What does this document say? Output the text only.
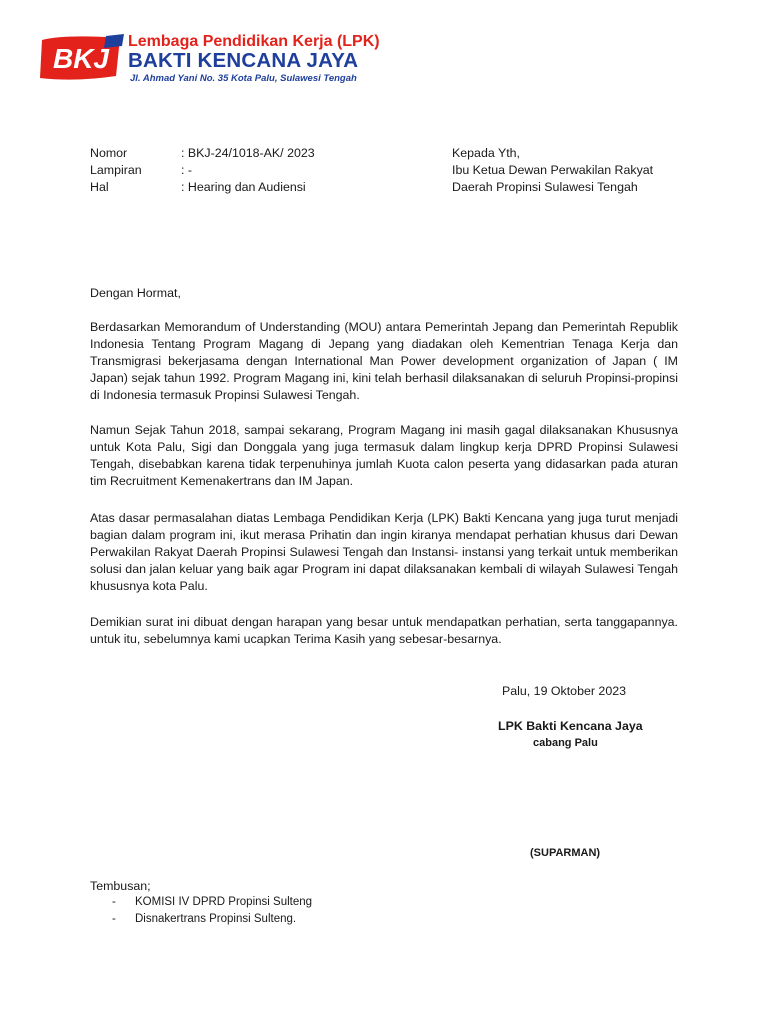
BKJ
Lembaga Pendidikan Kerja (LPK)
BAKTI KENCANA JAYA
Jl. Ahmad Yani No. 35 Kota Palu, Sulawesi Tengah
Nomor	: BKJ-24/1018-AK/ 2023
Lampiran	: -
Hal	: Hearing dan Audiensi
Kepada Yth,
Ibu Ketua Dewan Perwakilan Rakyat
Daerah Propinsi Sulawesi Tengah
Dengan Hormat,

Berdasarkan Memorandum of Understanding (MOU) antara Pemerintah Jepang dan Pemerintah Republik Indonesia Tentang Program Magang di Jepang yang diadakan oleh Kementrian Tenaga Kerja dan Transmigrasi bekerjasama dengan International Man Power development organization of Japan ( IM Japan) sejak tahun 1992. Program Magang ini, kini telah berhasil dilaksanakan di seluruh Propinsi-propinsi di Indonesia termasuk Propinsi Sulawesi Tengah.

Namun Sejak Tahun 2018, sampai sekarang, Program Magang ini masih gagal dilaksanakan Khususnya untuk Kota Palu, Sigi dan Donggala yang juga termasuk dalam lingkup kerja DPRD Propinsi Sulawesi Tengah, disebabkan karena tidak terpenuhinya jumlah Kuota calon peserta yang didasarkan pada aturan tim Recruitment Kemenakertrans dan IM Japan.

Atas dasar permasalahan diatas Lembaga Pendidikan Kerja (LPK) Bakti Kencana yang juga turut menjadi bagian dalam program ini, ikut merasa Prihatin dan ingin kiranya mendapat perhatian khusus dari Dewan Perwakilan Rakyat Daerah Propinsi Sulawesi Tengah dan Instansi- instansi yang terkait untuk memberikan solusi dan jalan keluar yang baik agar Program ini dapat dilaksanakan kembali di wilayah Sulawesi Tengah khususnya kota Palu.

Demikian surat ini dibuat dengan harapan yang besar untuk mendapatkan perhatian, serta tanggapannya. untuk itu, sebelumnya kami ucapkan Terima Kasih yang sebesar-besarnya.

Palu, 19 Oktober 2023
LPK Bakti Kencana Jaya
cabang Palu
(SUPARMAN)
Tembusan;
- KOMISI IV DPRD Propinsi Sulteng
- Disnakertrans Propinsi Sulteng.
